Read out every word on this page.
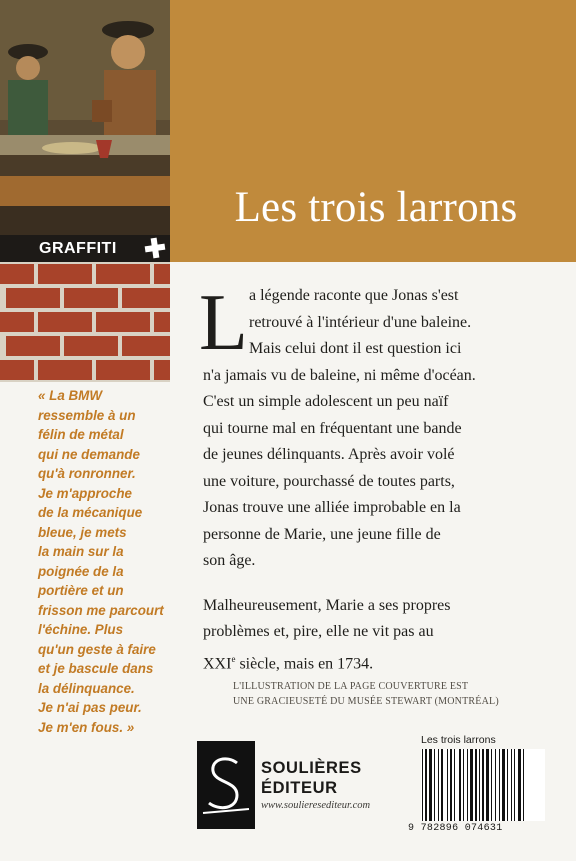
Les trois larrons
GRAFFITI

« La BMW

ressemble à un

félin de métal

qui ne demande

qu'à ronronner.

Je m'approche

de la mécanique

bleue, je mets

la main sur la

poignée de la

portière et un

frisson me parcourt

l'échine. Plus

qu'un geste à faire

et je bascule dans

la délinquance.

Je n'ai pas peur.

Je m'en fous. »

L a légende raconte que Jonas s'est
retrouvé à l'intérieur d'une baleine.
Mais celui dont il est question ici
n'a jamais vu de baleine, ni même d'océan.
C'est un simple adolescent un peu naïf
qui tourne mal en fréquentant une bande
de jeunes délinquants. Après avoir volé
une voiture, pourchassé de toutes parts,
Jonas trouve une alliée improbable en la
personne de Marie, une jeune fille de
son âge.
Malheureusement, Marie a ses propres
problèmes et, pire, elle ne vit pas au
XXIe siècle, mais en 1734.
L'ILLUSTRATION DE LA PAGE COUVERTURE EST
UNE GRACIEUSETÉ DU MUSÉE STEWART (MONTRÉAL)
SOULIÈRES
ÉDITEUR
www.soulieresediteur.com
Les trois larrons
9 782896 074631
